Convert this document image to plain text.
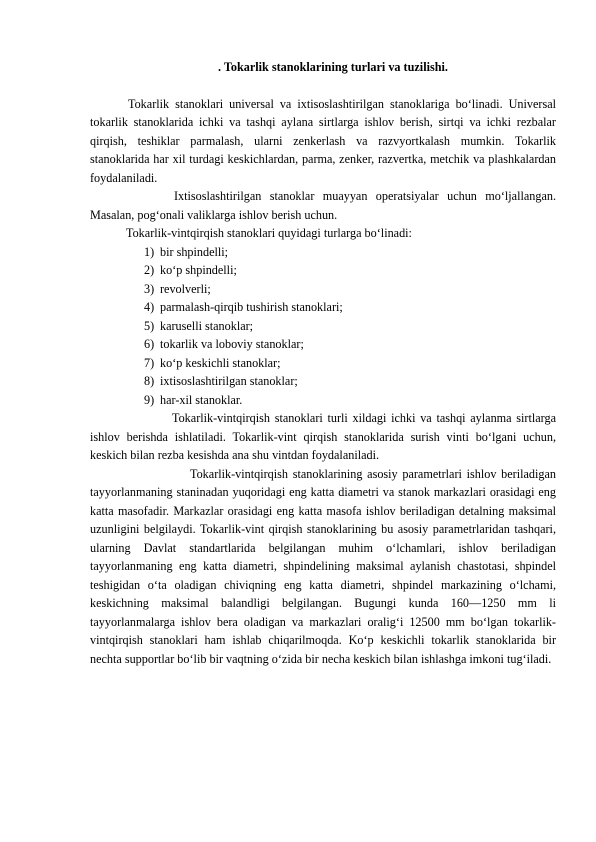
. Tokarlik stanoklarining turlari va tuzilishi.

Tokarlik stanoklari universal va ixtisoslashtirilgan stanoklariga bo‘linadi. Universal tokarlik stanoklarida ichki va tashqi aylana sirtlarga ishlov berish, sirtqi va ichki rezbalar qirqish, teshiklar parmalash, ularni zenkerlash va razvyortkalash mumkin. Tokarlik stanoklarida har xil turdagi keskichlardan, parma, zenker, razvertka, metchik va plashkalardan foydalaniladi.

Ixtisoslashtirilgan stanoklar muayyan operatsiyalar uchun mo‘ljallangan. Masalan, pog‘onali valiklarga ishlov berish uchun.

Tokarlik-vintqirqish stanoklari quyidagi turlarga bo‘linadi:

1) bir shpindelli;
2) ko‘p shpindelli;
3) revolverli;
4) parmalash-qirqib tushirish stanoklari;
5) karuselli stanoklar;
6) tokarlik va loboviy stanoklar;
7) ko‘p keskichli stanoklar;
8) ixtisoslashtirilgan stanoklar;
9) har-xil stanoklar.

Tokarlik-vintqirqish stanoklari turli xildagi ichki va tashqi aylanma sirtlarga ishlov berishda ishlatiladi. Tokarlik-vint qirqish stanoklarida surish vinti bo‘lgani uchun, keskich bilan rezba kesishda ana shu vintdan foydalaniladi.

Tokarlik-vintqirqish stanoklarining asosiy parametrlari ishlov beriladigan tayyorlanmaning staninadan yuqoridagi eng katta diametri va stanok markazlari orasidagi eng katta masofadir. Markazlar orasidagi eng katta masofa ishlov beriladigan detalning maksimal uzunligini belgilaydi. Tokarlik-vint qirqish stanoklarining bu asosiy parametrlaridan tashqari, ularning Davlat standartlarida belgilangan muhim o‘lchamlari, ishlov beriladigan tayyorlanmaning eng katta diametri, shpindelining maksimal aylanish chastotasi, shpindel teshigidan o‘ta oladigan chiviqning eng katta diametri, shpindel markazining o‘lchami, keskichning maksimal balandligi belgilangan. Bugungi kunda 160—1250 mm li tayyorlanmalarga ishlov bera oladigan va markazlari oralig‘i 12500 mm bo‘lgan tokarlik-vintqirqish stanoklari ham ishlab chiqarilmoqda. Ko‘p keskichli tokarlik stanoklarida bir nechta supportlar bo‘lib bir vaqtning o‘zida bir necha keskich bilan ishlashga imkoni tug‘iladi.
